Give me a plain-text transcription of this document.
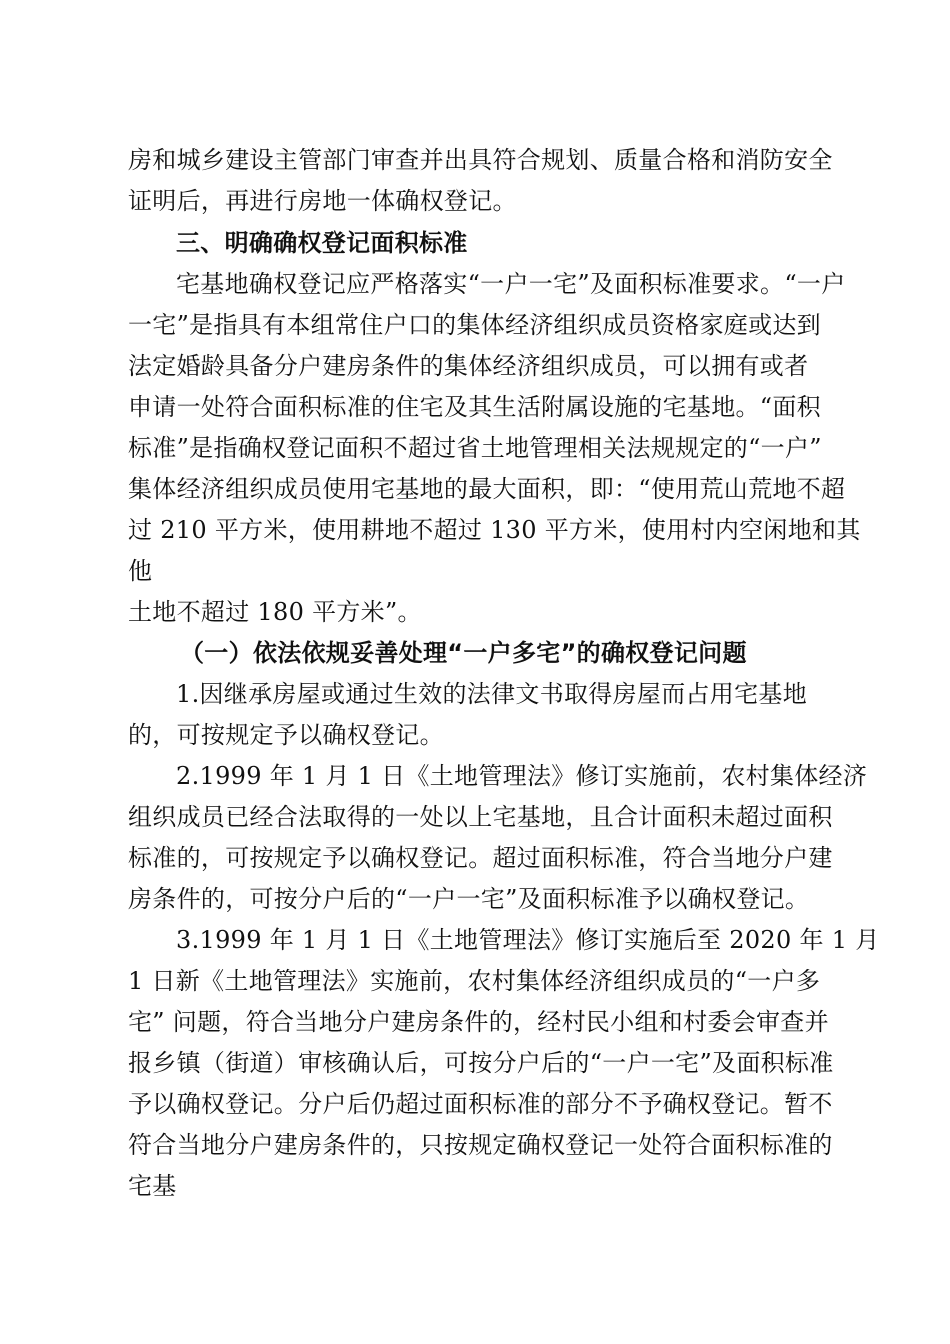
房和城乡建设主管部门审查并出具符合规划、质量合格和消防安全
证明后，再进行房地一体确权登记。
三、明确确权登记面积标准
宅基地确权登记应严格落实“一户一宅”及面积标准要求。“一户
一宅”是指具有本组常住户口的集体经济组织成员资格家庭或达到
法定婚龄具备分户建房条件的集体经济组织成员，可以拥有或者
申请一处符合面积标准的住宅及其生活附属设施的宅基地。“面积
标准”是指确权登记面积不超过省土地管理相关法规规定的“一户”
集体经济组织成员使用宅基地的最大面积，即：“使用荒山荒地不超
过 210 平方米，使用耕地不超过 130 平方米，使用村内空闲地和其
他
土地不超过 180 平方米”。
（一）依法依规妥善处理“一户多宅”的确权登记问题
1.因继承房屋或通过生效的法律文书取得房屋而占用宅基地
的，可按规定予以确权登记。
2.1999 年 1 月 1 日《土地管理法》修订实施前，农村集体经济
组织成员已经合法取得的一处以上宅基地，且合计面积未超过面积
标准的，可按规定予以确权登记。超过面积标准，符合当地分户建
房条件的，可按分户后的“一户一宅”及面积标准予以确权登记。
3.1999 年 1 月 1 日《土地管理法》修订实施后至 2020 年 1 月
1 日新《土地管理法》实施前，农村集体经济组织成员的“一户多
宅” 问题，符合当地分户建房条件的，经村民小组和村委会审查并
报乡镇（街道）审核确认后，可按分户后的“一户一宅”及面积标准
予以确权登记。分户后仍超过面积标准的部分不予确权登记。暂不
符合当地分户建房条件的，只按规定确权登记一处符合面积标准的
宅基
